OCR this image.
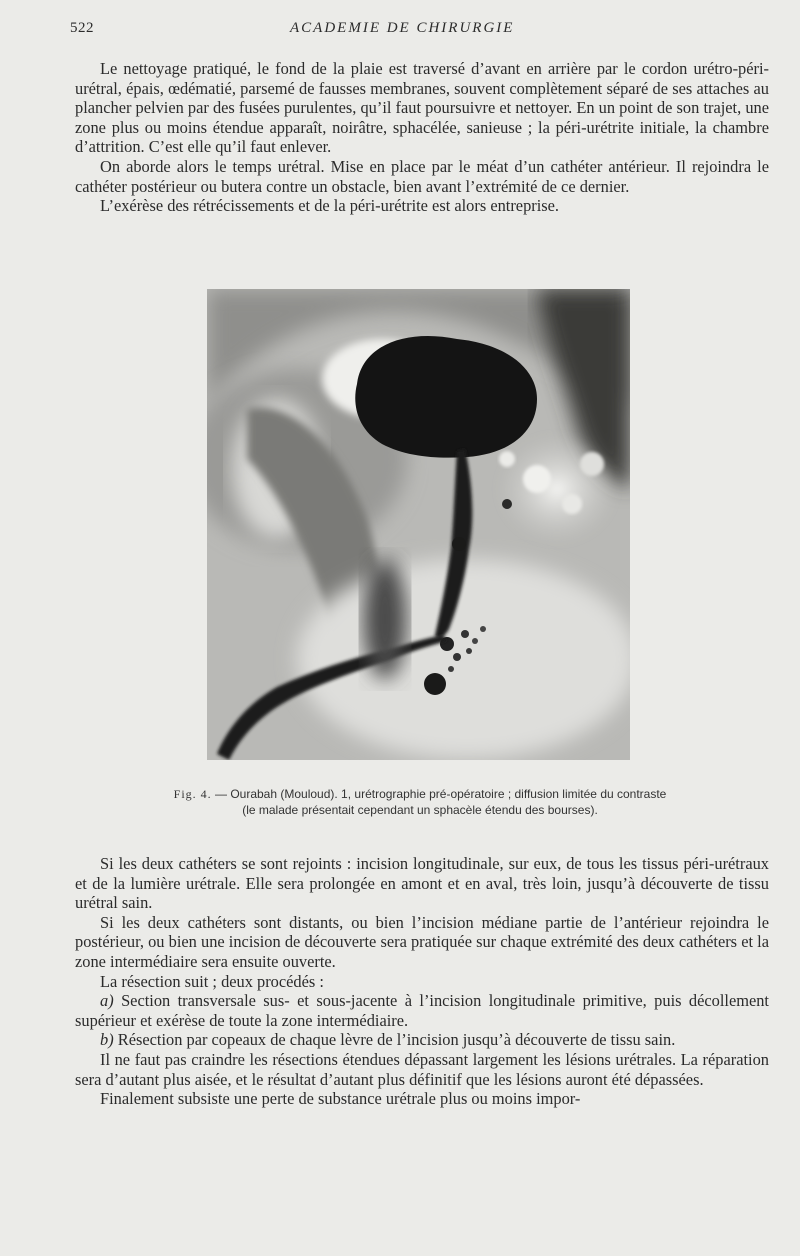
522	ACADEMIE DE CHIRURGIE

Le nettoyage pratiqué, le fond de la plaie est traversé d’avant en arrière par le cordon urétro-péri-urétral, épais, œdématié, parsemé de fausses membranes, souvent complètement séparé de ses attaches au plancher pelvien par des fusées purulentes, qu’il faut poursuivre et nettoyer. En un point de son trajet, une zone plus ou moins étendue apparaît, noirâtre, sphacélée, sanieuse ; la péri-urétrite initiale, la chambre d’attrition. C’est elle qu’il faut enlever.

On aborde alors le temps urétral. Mise en place par le méat d’un cathéter antérieur. Il rejoindra le cathéter postérieur ou butera contre un obstacle, bien avant l’extrémité de ce dernier.

L’exérèse des rétrécissements et de la péri-urétrite est alors entreprise.

Fig. 4. — Ourabah (Mouloud). 1, urétrographie pré-opératoire ; diffusion limitée du contraste
(le malade présentait cependant un sphacèle étendu des bourses).

Si les deux cathéters se sont rejoints : incision longitudinale, sur eux, de tous les tissus péri-urétraux et de la lumière urétrale. Elle sera prolongée en amont et en aval, très loin, jusqu’à découverte de tissu urétral sain.

Si les deux cathéters sont distants, ou bien l’incision médiane partie de l’antérieur rejoindra le postérieur, ou bien une incision de découverte sera pratiquée sur chaque extrémité des deux cathéters et la zone intermédiaire sera ensuite ouverte.

La résection suit ; deux procédés :

a) Section transversale sus- et sous-jacente à l’incision longitudinale primitive, puis décollement supérieur et exérèse de toute la zone intermédiaire.

b) Résection par copeaux de chaque lèvre de l’incision jusqu’à découverte de tissu sain.

Il ne faut pas craindre les résections étendues dépassant largement les lésions urétrales. La réparation sera d’autant plus aisée, et le résultat d’autant plus définitif que les lésions auront été dépassées.

Finalement subsiste une perte de substance urétrale plus ou moins impor-
